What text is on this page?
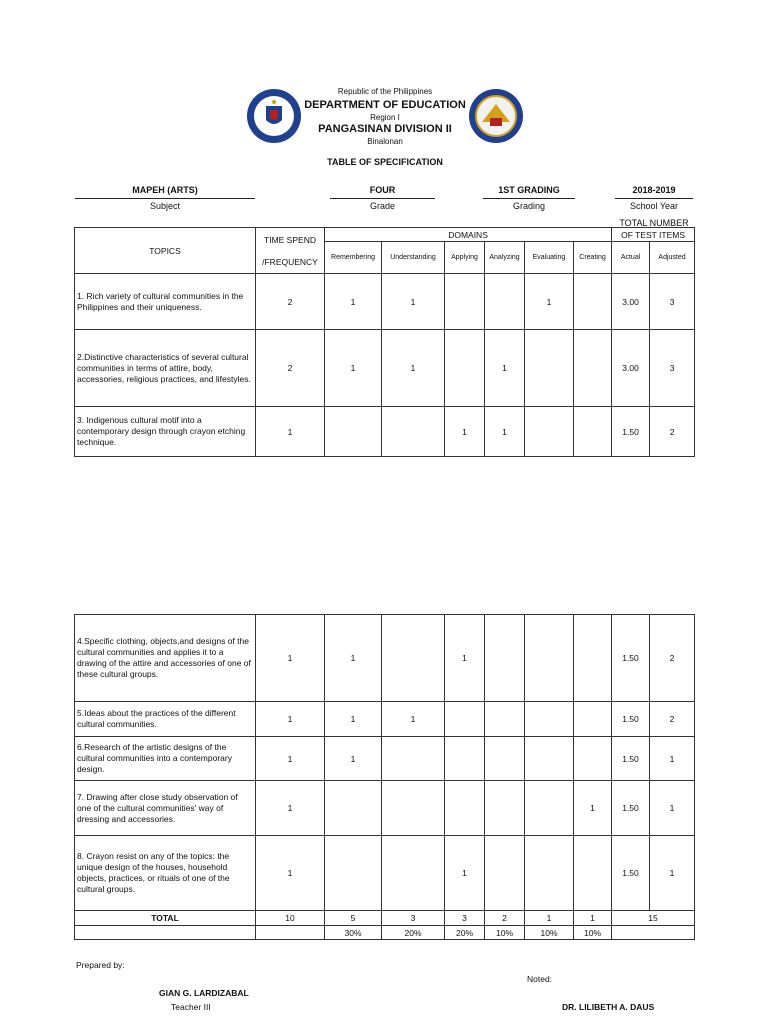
Republic of the Philippines
DEPARTMENT OF EDUCATION
Region I
PANGASINAN DIVISION II
Binalonan
TABLE OF SPECIFICATION
MAPEH (ARTS)
Subject
FOUR
Grade
1ST GRADING
Grading
2018-2019
School Year
TOTAL NUMBER
TOPICS	TIME SPEND
/FREQUENCY	DOMAINS						OF TEST ITEMS	
		Remembering	Understanding	Applying	Analyzing	Evaluating	Creating	Actual	Adjusted
1. Rich variety of cultural communities in the Philippines and their uniqueness.	2	1	1			1		3.00	3
2.Distinctive characteristics of several cultural communities in terms of attire, body, accessories, religious practices, and lifestyles.	2	1	1		1			3.00	3
3. Indigenous cultural motif into a contemporary design through crayon etching technique.	1			1	1			1.50	2
4.Specific clothing, objects,and designs of the cultural communities and applies it to a drawing of the attire and accessories of one of these cultural groups.	1	1		1				1.50	2
5.Ideas about the practices of the different cultural communities.	1	1	1					1.50	2
6.Research of the artistic designs of the cultural communities into a contemporary design.	1	1						1.50	1
7. Drawing after close study observation of one of the cultural communities' way of dressing and accessories.	1						1	1.50	1
8. Crayon resist on any of the topics: the unique design of the houses, household objects, practices, or rituals of one of the cultural groups.	1			1				1.50	1
TOTAL	10	5	3	3	2	1	1	15	
		30%	20%	20%	10%	10%	10%		
Prepared by:
Noted:
GIAN G. LARDIZABAL
Teacher III	DR. LILIBETH A. DAUS
